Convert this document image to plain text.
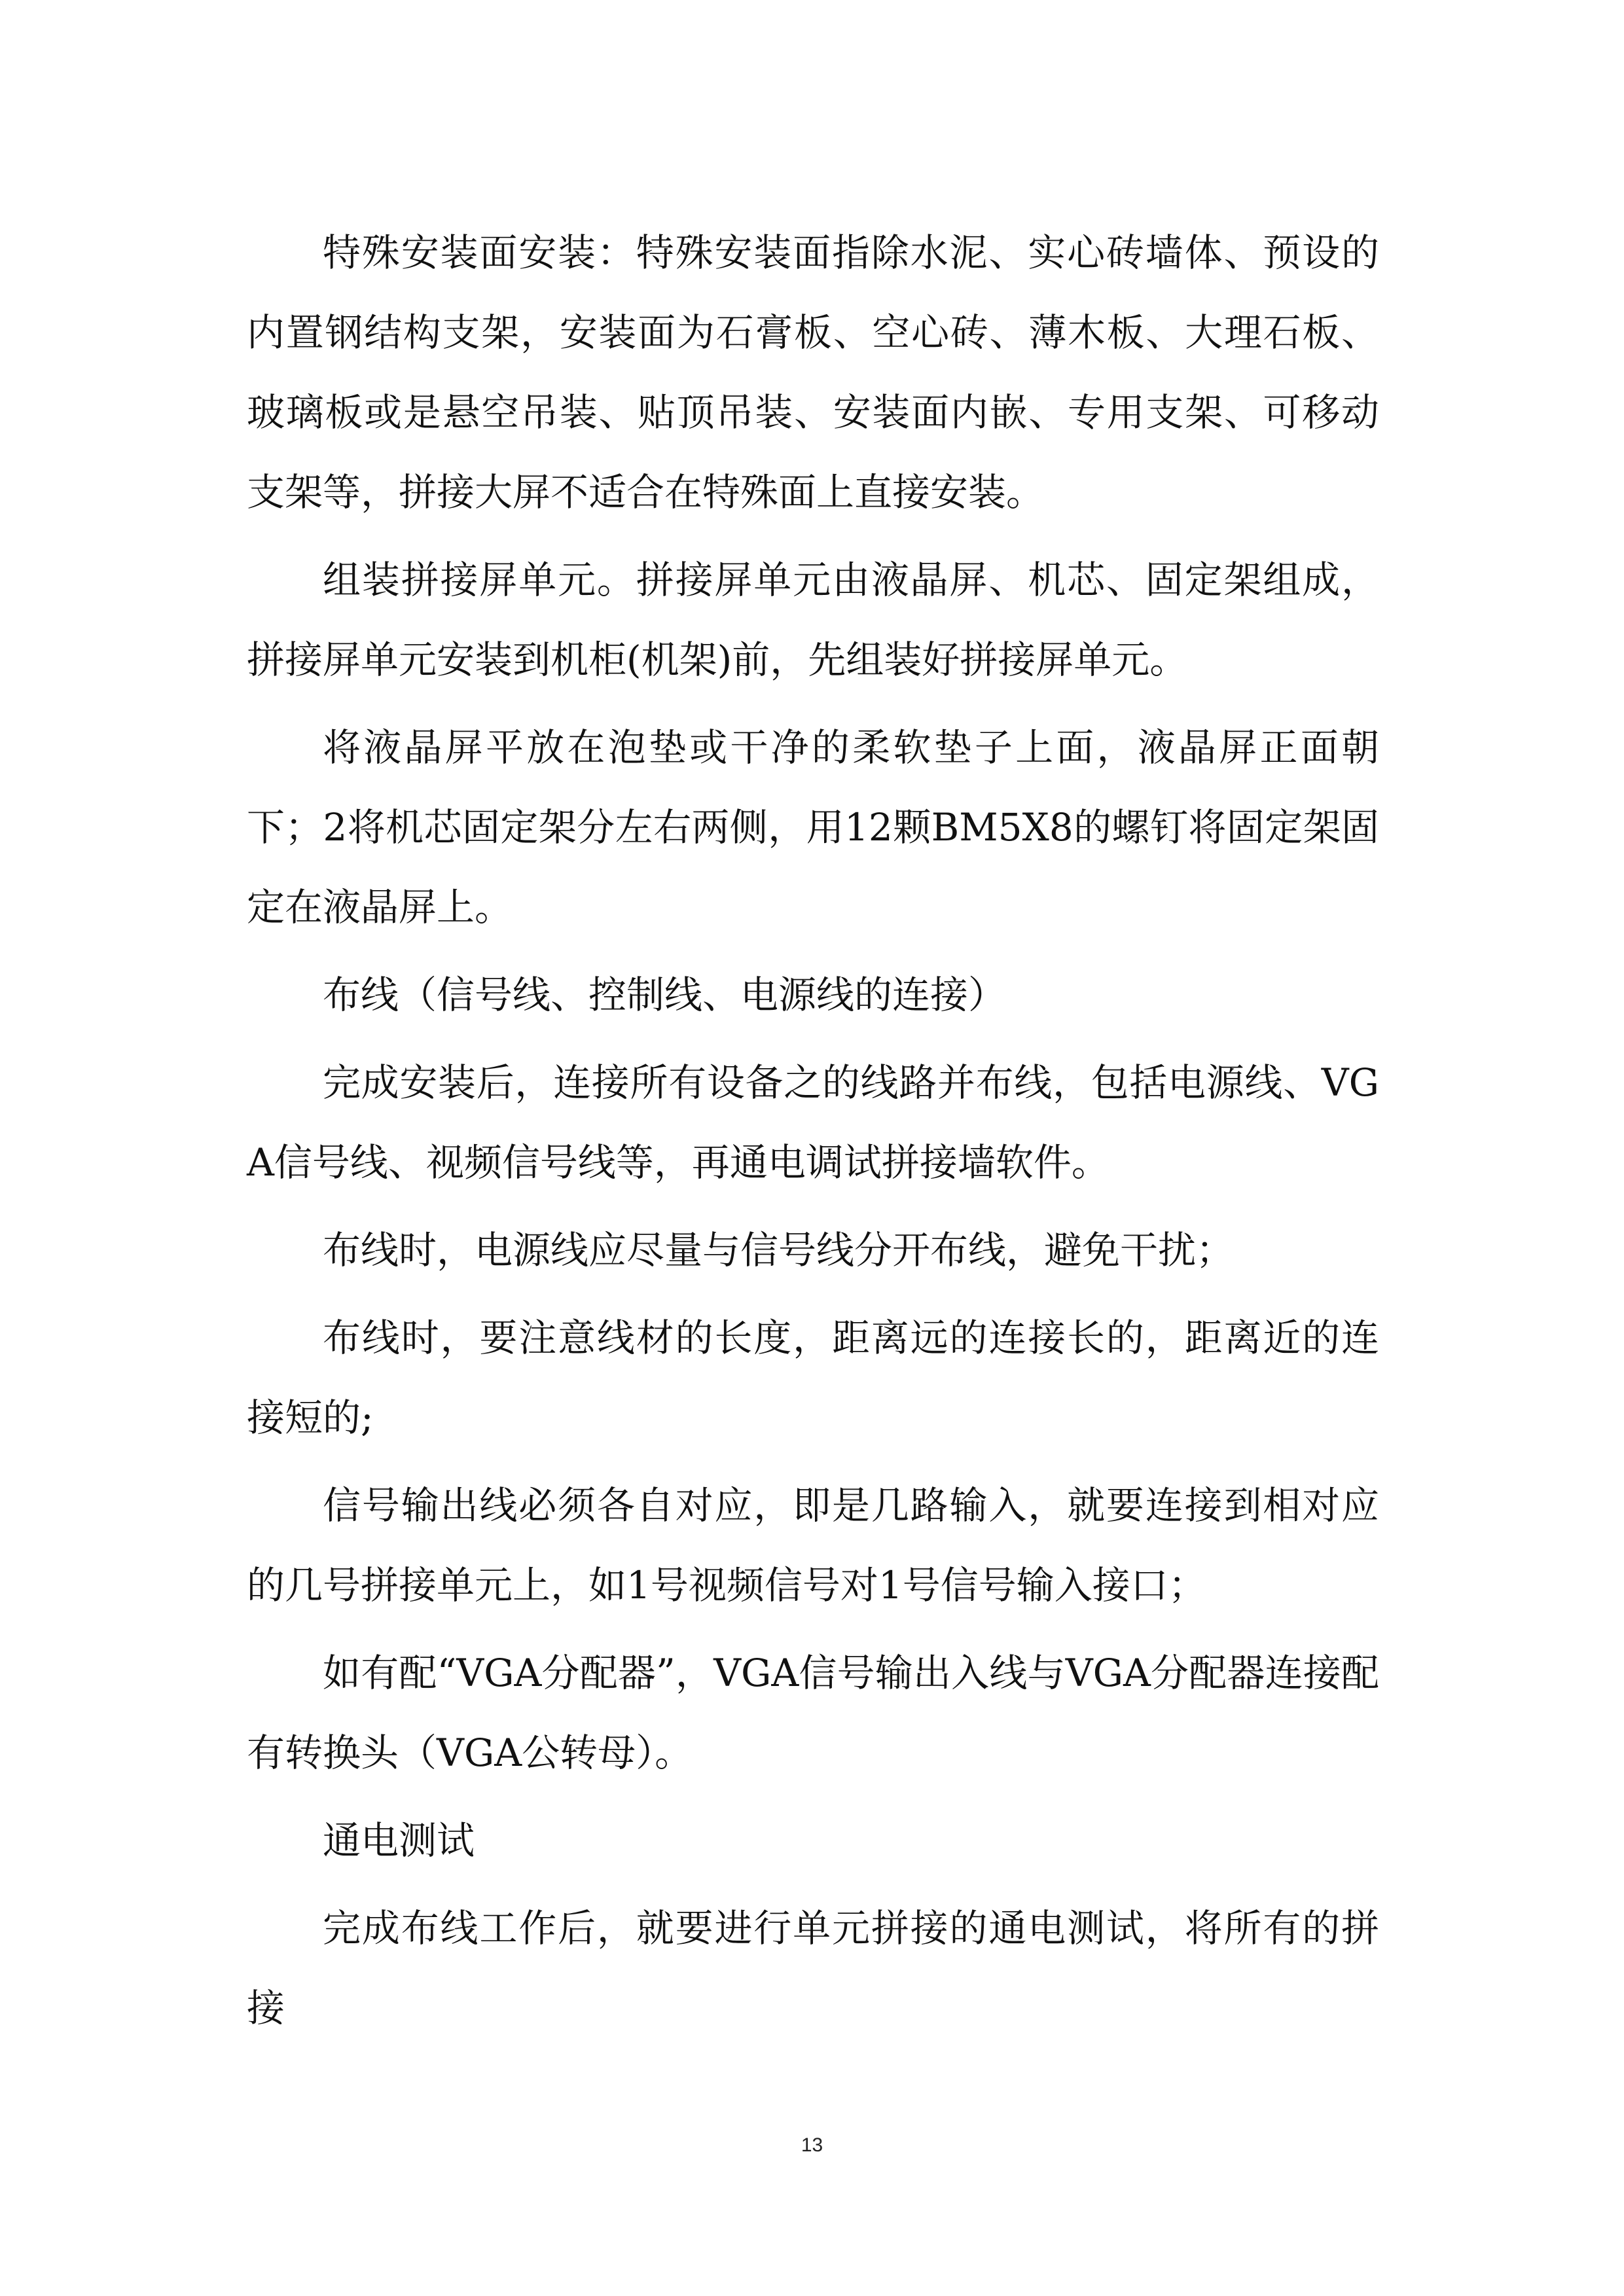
特殊安装面安装：特殊安装面指除水泥、实心砖墙体、预设的内置钢结构支架，安装面为石膏板、空心砖、薄木板、大理石板、玻璃板或是悬空吊装、贴顶吊装、安装面内嵌、专用支架、可移动支架等，拼接大屏不适合在特殊面上直接安装。

组装拼接屏单元。拼接屏单元由液晶屏、机芯、固定架组成，拼接屏单元安装到机柜(机架)前，先组装好拼接屏单元。

将液晶屏平放在泡垫或干净的柔软垫子上面，液晶屏正面朝下；2将机芯固定架分左右两侧，用12颗BM5X8的螺钉将固定架固定在液晶屏上。

布线（信号线、控制线、电源线的连接）

完成安装后，连接所有设备之的线路并布线，包括电源线、VGA信号线、视频信号线等，再通电调试拼接墙软件。

布线时，电源线应尽量与信号线分开布线，避免干扰；

布线时，要注意线材的长度，距离远的连接长的，距离近的连接短的;

信号输出线必须各自对应，即是几路输入，就要连接到相对应的几号拼接单元上，如1号视频信号对1号信号输入接口；

如有配“VGA分配器”，VGA信号输出入线与VGA分配器连接配有转换头（VGA公转母）。

通电测试

完成布线工作后，就要进行单元拼接的通电测试，将所有的拼接

13
